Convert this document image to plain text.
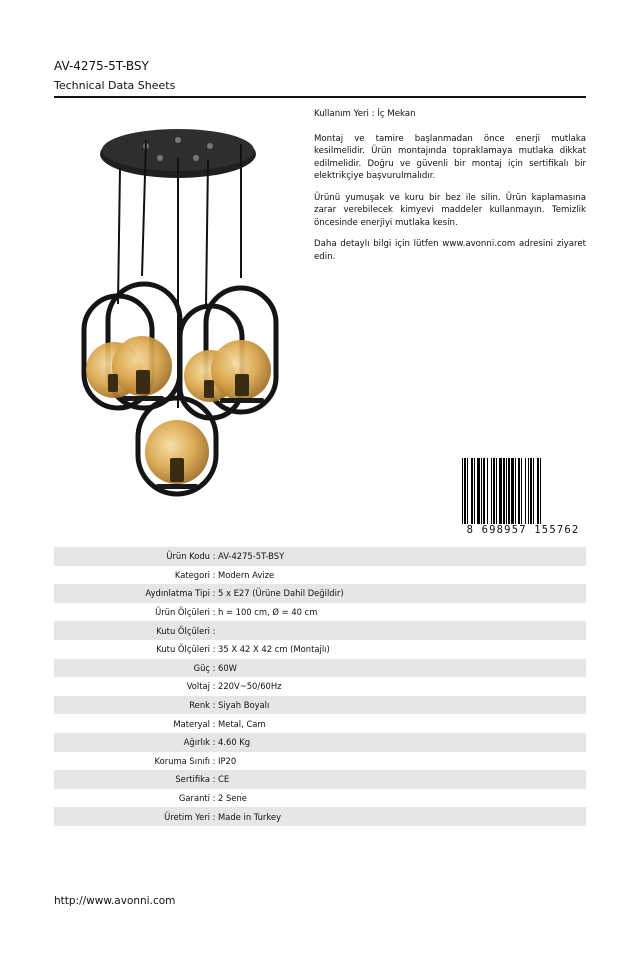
AV-4275-5T-BSY
Technical Data Sheets

Kullanım Yeri : İç Mekan

Montaj ve tamire başlanmadan önce enerji mutlaka kesilmelidir. Ürün montajında topraklamaya mutlaka dikkat edilmelidir. Doğru ve güvenli bir montaj için sertifikalı bir elektrikçiye başvurulmalıdır.

Ürünü yumuşak ve kuru bir bez ile silin. Ürün kaplamasına zarar verebilecek kimyevi maddeler kullanmayın. Temizlik öncesinde enerjiyi mutlaka kesin.

Daha detaylı bilgi için lütfen www.avonni.com adresini ziyaret edin.

8 698957 155762
Ürün Kodu : AV-4275-5T-BSY
Kategori : Modern Avize
Aydınlatma Tipi : 5 x E27 (Ürüne Dahil Değildir)
Ürün Ölçüleri : h = 100 cm, Ø = 40 cm
Kutu Ölçüleri :
Kutu Ölçüleri : 35 X 42 X 42 cm (Montajlı)
Güç : 60W
Voltaj : 220V~50/60Hz
Renk : Siyah Boyalı
Materyal : Metal, Cam
Ağırlık : 4.60 Kg
Koruma Sınıfı : IP20
Sertifika : CE
Garanti : 2 Sene
Üretim Yeri : Made in Turkey
http://www.avonni.com
